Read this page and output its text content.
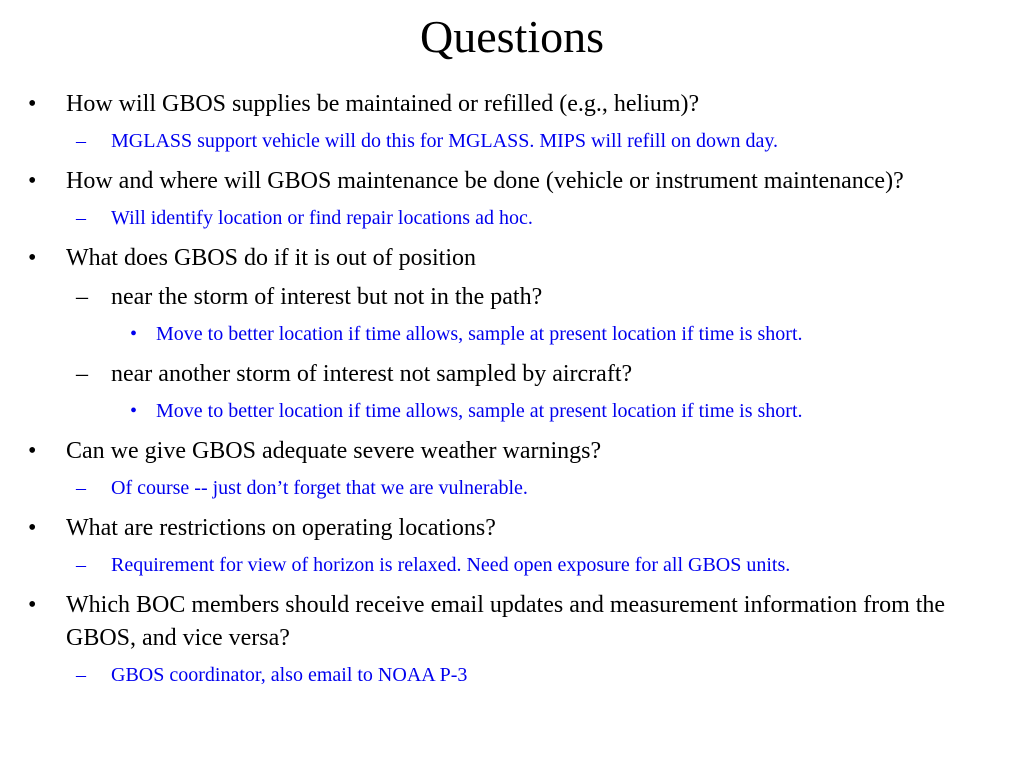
Questions
• How will GBOS supplies be maintained or refilled (e.g., helium)?
– MGLASS support vehicle will do this for MGLASS. MIPS will refill on down day.
• How and where will GBOS maintenance be done (vehicle or instrument maintenance)?
– Will identify location or find repair locations ad hoc.
• What does GBOS do if it is out of position
– near the storm of interest but not in the path?
• Move to better location if time allows, sample at present location if time is short.
– near another storm of interest not sampled by aircraft?
• Move to better location if time allows, sample at present location if time is short.
• Can we give GBOS adequate severe weather warnings?
– Of course -- just don’t forget that we are vulnerable.
• What are restrictions on operating locations?
– Requirement for view of horizon is relaxed. Need open exposure for all GBOS units.
• Which BOC members should receive email updates and measurement information from the GBOS, and vice versa?
– GBOS coordinator, also email to NOAA P-3
